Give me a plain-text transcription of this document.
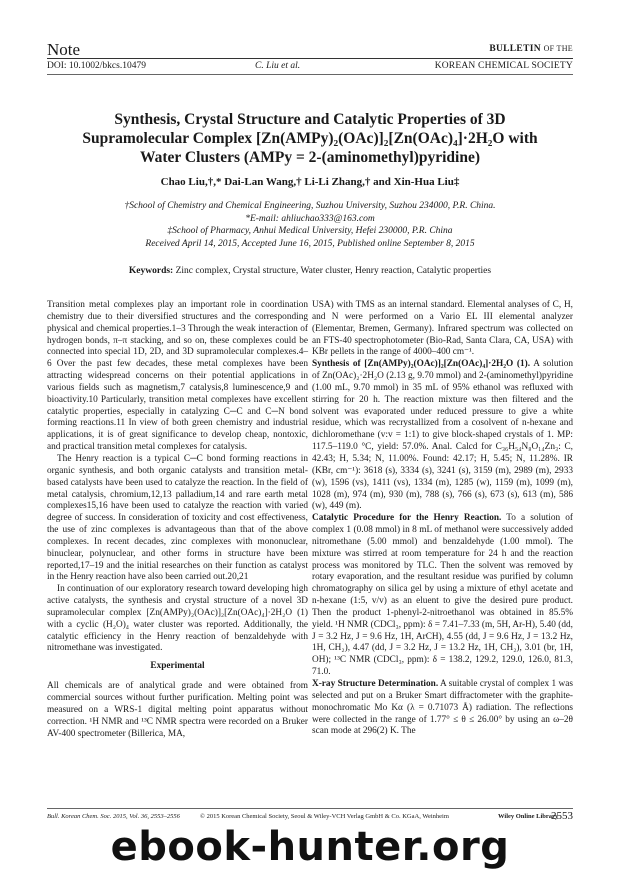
Note	BULLETIN OF THE
DOI: 10.1002/bkcs.10479	C. Liu et al.	KOREAN CHEMICAL SOCIETY
Synthesis, Crystal Structure and Catalytic Properties of 3D
Supramolecular Complex [Zn(AMPy)₂(OAc)]₂[Zn(OAc)₄]·2H₂O with
Water Clusters (AMPy = 2-(aminomethyl)pyridine)
Chao Liu,†,* Dai-Lan Wang,† Li-Li Zhang,† and Xin-Hua Liu‡
†School of Chemistry and Chemical Engineering, Suzhou University, Suzhou 234000, P.R. China.
*E-mail: ahliuchao333@163.com
‡School of Pharmacy, Anhui Medical University, Hefei 230000, P.R. China
Received April 14, 2015, Accepted June 16, 2015, Published online September 8, 2015
Keywords: Zinc complex, Crystal structure, Water cluster, Henry reaction, Catalytic properties

Transition metal complexes play an important role in coordination chemistry due to their diversified structures and the corresponding physical and chemical properties.1–3 Through the weak interaction of hydrogen bonds, π–π stacking, and so on, these complexes could be connected into special 1D, 2D, and 3D supramolecular complexes.4–6 Over the past few decades, these metal complexes have been attracting widespread concerns on their potential applications in various fields such as magnetism,7 catalysis,8 luminescence,9 and bioactivity.10 Particularly, transition metal complexes have excellent catalytic properties, especially in catalyzing C─C and C─N bond forming reactions.11 In view of both green chemistry and industrial applications, it is of great significance to develop cheap, nontoxic, and practical transition metal complexes for catalysis.

The Henry reaction is a typical C─C bond forming reactions in organic synthesis, and both organic catalysts and transition metal-based catalysts have been used to catalyze the reaction. In the field of metal catalysis, chromium,12,13 palladium,14 and rare earth metal complexes15,16 have been used to catalyze the reaction with varied degree of success. In consideration of toxicity and cost effectiveness, the use of zinc complexes is advantageous than that of the above complexes. In recent decades, zinc complexes with mononuclear, binuclear, polynuclear, and other forms in structure have been reported,17–19 and the initial researches on their function as catalyst in the Henry reaction have also been carried out.20,21

In continuation of our exploratory research toward developing high active catalysts, the synthesis and crystal structure of a novel 3D supramolecular complex [Zn(AMPy)₂(OAc)]₂[Zn(OAc)₄]·2H₂O (1) with a cyclic (H₂O)₄ water cluster was reported. Additionally, the catalytic efficiency in the Henry reaction of benzaldehyde with nitromethane was investigated.

Experimental

All chemicals are of analytical grade and were obtained from commercial sources without further purification. Melting point was measured on a WRS-1 digital melting point apparatus without correction. ¹H NMR and ¹³C NMR spectra were recorded on a Bruker AV-400 spectrometer (Billerica, MA,

USA) with TMS as an internal standard. Elemental analyses of C, H, and N were performed on a Vario EL III elemental analyzer (Elementar, Bremen, Germany). Infrared spectrum was collected on an FTS-40 spectrophotometer (Bio-Rad, Santa Clara, CA, USA) with KBr pellets in the range of 4000–400 cm⁻¹.

Synthesis of [Zn(AMPy)₂(OAc)]₂[Zn(OAc)₄]·2H₂O (1). A solution of Zn(OAc)₂·2H₂O (2.13 g, 9.70 mmol) and 2-(aminomethyl)pyridine (1.00 mL, 9.70 mmol) in 35 mL of 95% ethanol was refluxed with stirring for 20 h. The reaction mixture was then filtered and the solvent was evaporated under reduced pressure to give a white residue, which was recrystallized from a cosolvent of n-hexane and dichloromethane (v:v = 1:1) to give block-shaped crystals of 1. MP: 117.5–119.0 °C, yield: 57.0%. Anal. Calcd for C₃₆H₅₄N₈O₁₄Zn₃: C, 42.43; H, 5.34; N, 11.00%. Found: 42.17; H, 5.45; N, 11.28%. IR (KBr, cm⁻¹): 3618 (s), 3334 (s), 3241 (s), 3159 (m), 2989 (m), 2933 (w), 1596 (vs), 1411 (vs), 1334 (m), 1285 (w), 1159 (m), 1099 (m), 1028 (m), 974 (m), 930 (m), 788 (s), 766 (s), 673 (s), 613 (m), 586 (w), 449 (m).

Catalytic Procedure for the Henry Reaction. To a solution of complex 1 (0.08 mmol) in 8 mL of methanol were successively added nitromethane (5.00 mmol) and benzaldehyde (1.00 mmol). The mixture was stirred at room temperature for 24 h and the reaction process was monitored by TLC. Then the solvent was removed by rotary evaporation, and the resultant residue was purified by column chromatography on silica gel by using a mixture of ethyl acetate and n-hexane (1:5, v/v) as an eluent to give the desired pure product. Then the product 1-phenyl-2-nitroethanol was obtained in 85.5% yield. ¹H NMR (CDCl₃, ppm): δ = 7.41–7.33 (m, 5H, Ar-H), 5.40 (dd, J = 3.2 Hz, J = 9.6 Hz, 1H, ArCH), 4.55 (dd, J = 9.6 Hz, J = 13.2 Hz, 1H, CH₂), 4.47 (dd, J = 3.2 Hz, J = 13.2 Hz, 1H, CH₂), 3.01 (br, 1H, OH); ¹³C NMR (CDCl₃, ppm): δ = 138.2, 129.2, 129.0, 126.0, 81.3, 71.0.

X-ray Structure Determination. A suitable crystal of complex 1 was selected and put on a Bruker Smart diffractometer with the graphite-monochromatic Mo Kα (λ = 0.71073 Å) radiation. The reflections were collected in the range of 1.77° ≤ θ ≤ 26.00° by using an ω–2θ scan mode at 296(2) K. The

Bull. Korean Chem. Soc. 2015, Vol. 36, 2553–2556	© 2015 Korean Chemical Society, Seoul & Wiley-VCH Verlag GmbH & Co. KGaA, Weinheim	Wiley Online Library
2553
ebook-hunter.org
